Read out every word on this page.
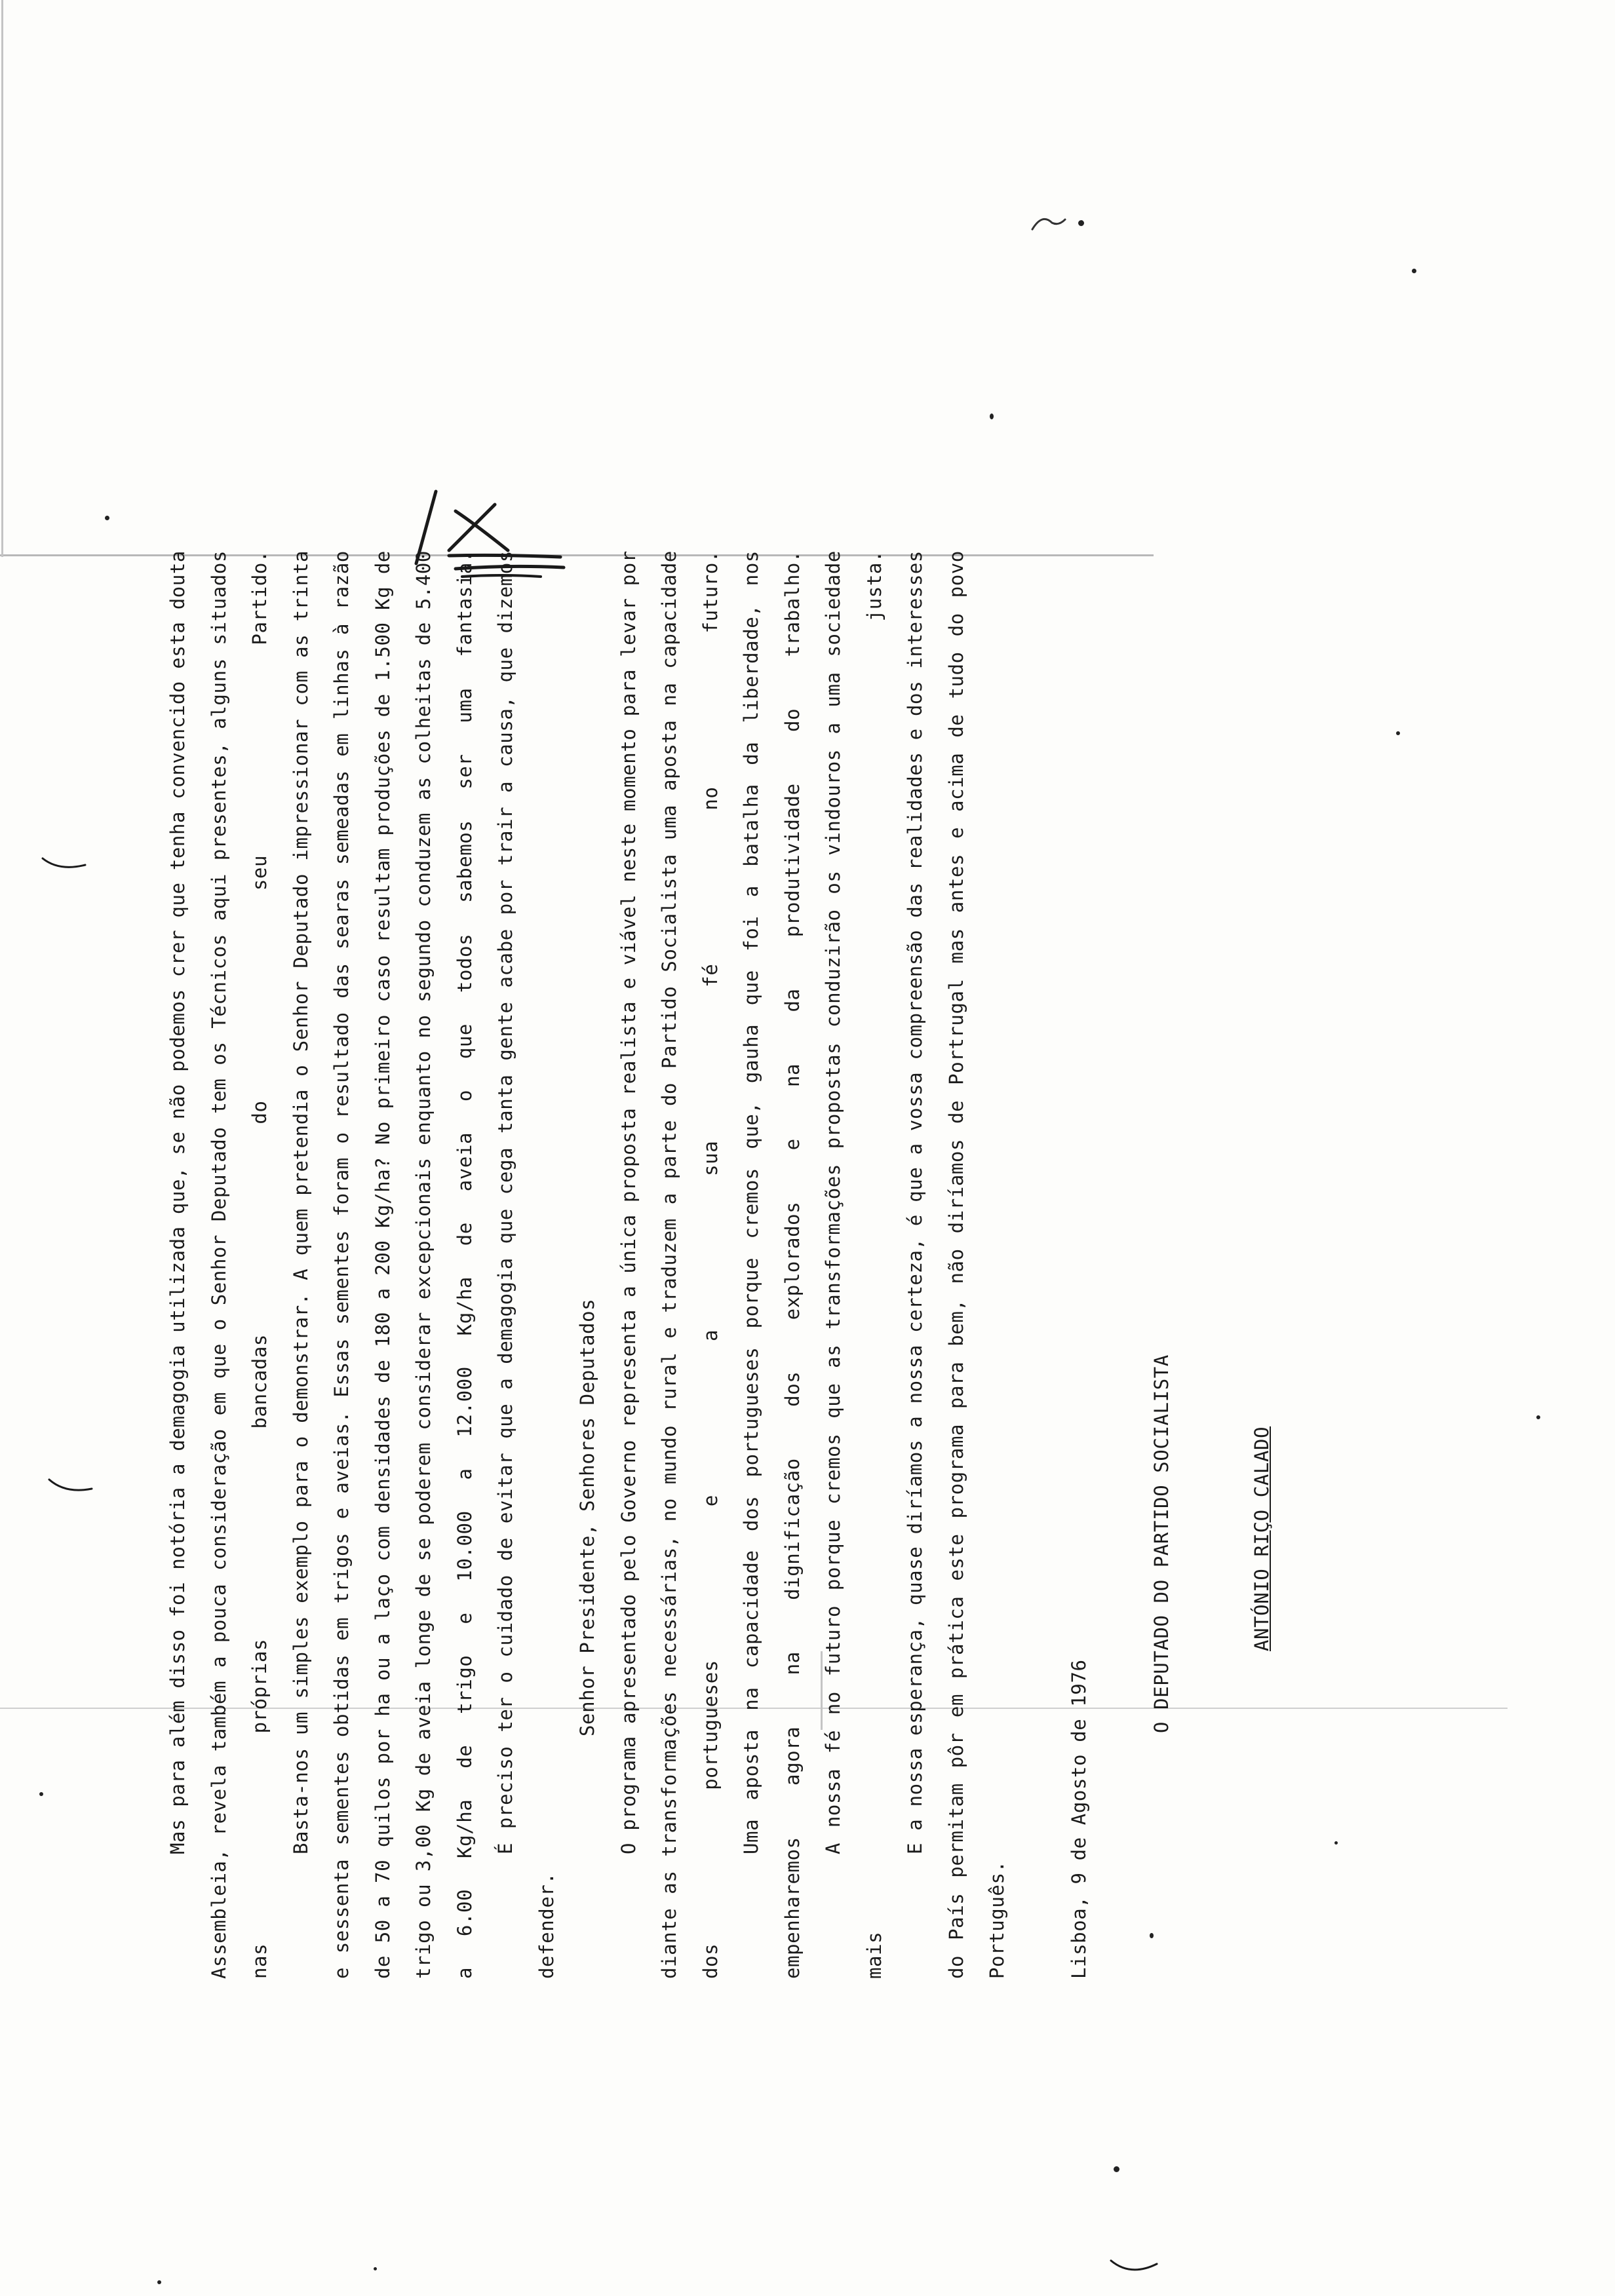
Mas para além disso foi notória a demagogia utilizada que, se não podemos crer que tenha convencido esta douta Assembleia, revela também a pouca consideração em que o Senhor Deputado tem os Técnicos aqui presentes, alguns situados nas próprias bancadas do seu Partido. Basta-nos um simples exemplo para o demonstrar. A quem pretendia o Senhor Deputado impressionar com as trinta e sessenta sementes obtidas em trigos e aveias. Essas sementes foram o resultado das searas semeadas em linhas à razão de 50 a 70 quilos por ha ou a laço com densidades de 180 a 200 Kg/ha? No primeiro caso resultam produções de 1.500 Kg de trigo ou 3,00 Kg de aveia longe de se poderem considerar excepcionais enquanto no segundo conduzem as colheitas de 5.400 a 6.00 Kg/ha de trigo e 10.000 a 12.000 Kg/ha de aveia o que todos sabemos ser uma fantasia. É preciso ter o cuidado de evitar que a demagogia que cega tanta gente acabe por trair a causa, que dizemos defender.

Senhor Presidente, Senhores Deputados O programa apresentado pelo Governo representa a única proposta realista e viável neste momento para levar por diante as transformações necessárias, no mundo rural e traduzem a parte do Partido Socialista uma aposta na capacidade dos portugueses e a sua fé no futuro. Uma aposta na capacidade dos portugueses porque cremos que, gauha que foi a batalha da liberdade, nos empenharemos agora na dignificação dos explorados e na da produtividade do trabalho. A nossa fé no futuro porque cremos que as transformações propostas conduzirão os vindouros a uma sociedade mais justa. E a nossa esperança, quase diríamos a nossa certeza, é que a vossa compreensão das realidades e dos interesses do País permitam pôr em prática este programa para bem, não diríamos de Portrugal mas antes e acima de tudo do povo Português.	Lisboa, 9 de Agosto de 1976

O DEPUTADO DO PARTIDO SOCIALISTA	ANTÓNIO RIÇO CALADO
